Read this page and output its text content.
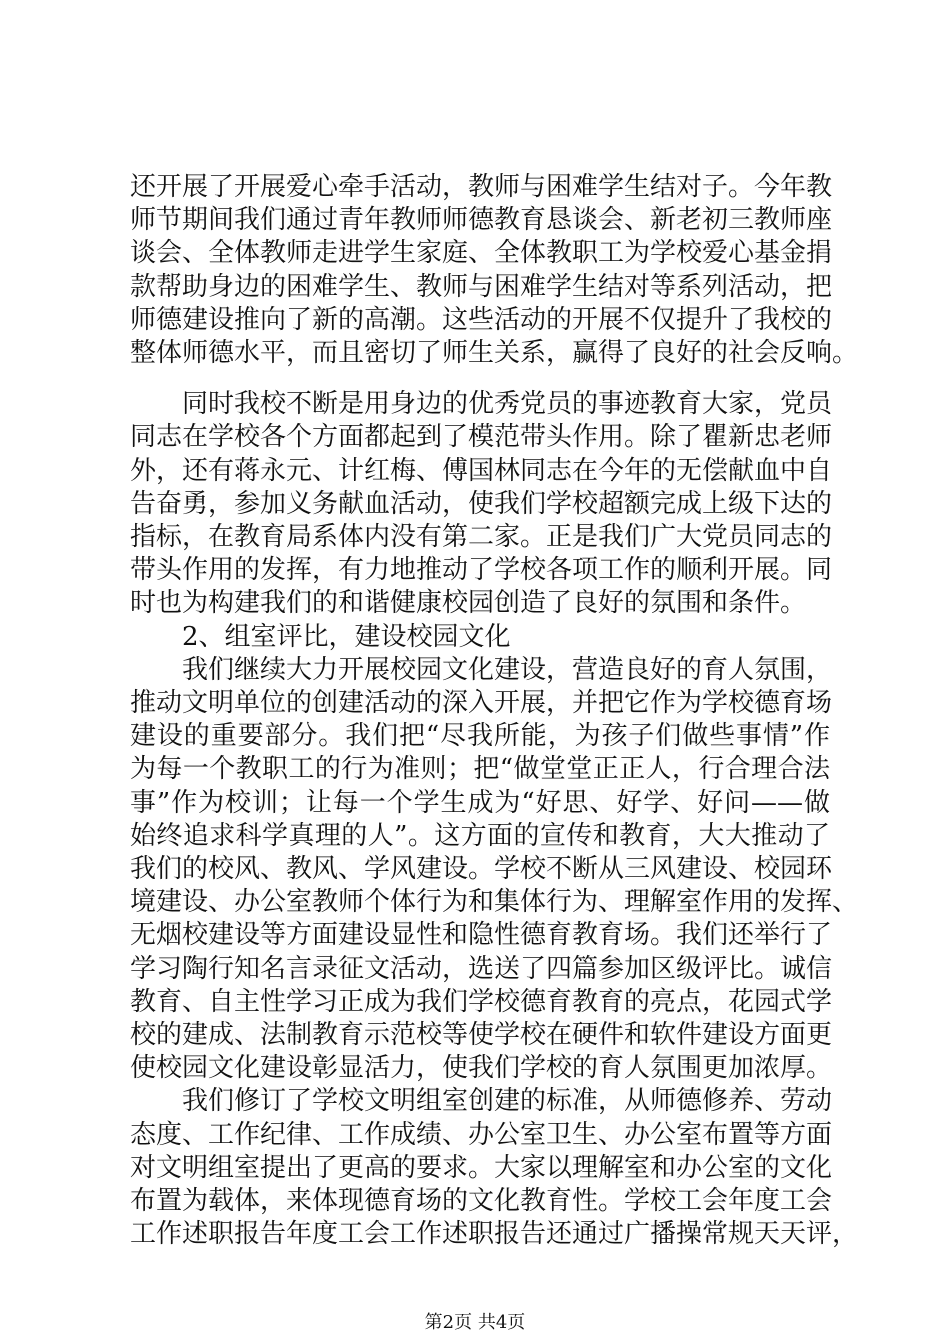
还开展了开展爱心牵手活动，教师与困难学生结对子。今年教
师节期间我们通过青年教师师德教育恳谈会、新老初三教师座
谈会、全体教师走进学生家庭、全体教职工为学校爱心基金捐
款帮助身边的困难学生、教师与困难学生结对等系列活动，把
师德建设推向了新的高潮。这些活动的开展不仅提升了我校的
整体师德水平，而且密切了师生关系，赢得了良好的社会反响。
同时我校不断是用身边的优秀党员的事迹教育大家，党员
同志在学校各个方面都起到了模范带头作用。除了瞿新忠老师
外，还有蒋永元、计红梅、傅国林同志在今年的无偿献血中自
告奋勇，参加义务献血活动，使我们学校超额完成上级下达的
指标，在教育局系体内没有第二家。正是我们广大党员同志的
带头作用的发挥，有力地推动了学校各项工作的顺利开展。同
时也为构建我们的和谐健康校园创造了良好的氛围和条件。
2、组室评比，建设校园文化
我们继续大力开展校园文化建设，营造良好的育人氛围，
推动文明单位的创建活动的深入开展，并把它作为学校德育场
建设的重要部分。我们把“尽我所能，为孩子们做些事情”作
为每一个教职工的行为准则；把“做堂堂正正人，行合理合法
事”作为校训；让每一个学生成为“好思、好学、好问——做
始终追求科学真理的人”。这方面的宣传和教育，大大推动了
我们的校风、教风、学风建设。学校不断从三风建设、校园环
境建设、办公室教师个体行为和集体行为、理解室作用的发挥、
无烟校建设等方面建设显性和隐性德育教育场。我们还举行了
学习陶行知名言录征文活动，选送了四篇参加区级评比。诚信
教育、自主性学习正成为我们学校德育教育的亮点，花园式学
校的建成、法制教育示范校等使学校在硬件和软件建设方面更
使校园文化建设彰显活力，使我们学校的育人氛围更加浓厚。
我们修订了学校文明组室创建的标准，从师德修养、劳动
态度、工作纪律、工作成绩、办公室卫生、办公室布置等方面
对文明组室提出了更高的要求。大家以理解室和办公室的文化
布置为载体，来体现德育场的文化教育性。学校工会年度工会
第2页 共4页
工作述职报告年度工会工作述职报告还通过广播操常规天天评，
